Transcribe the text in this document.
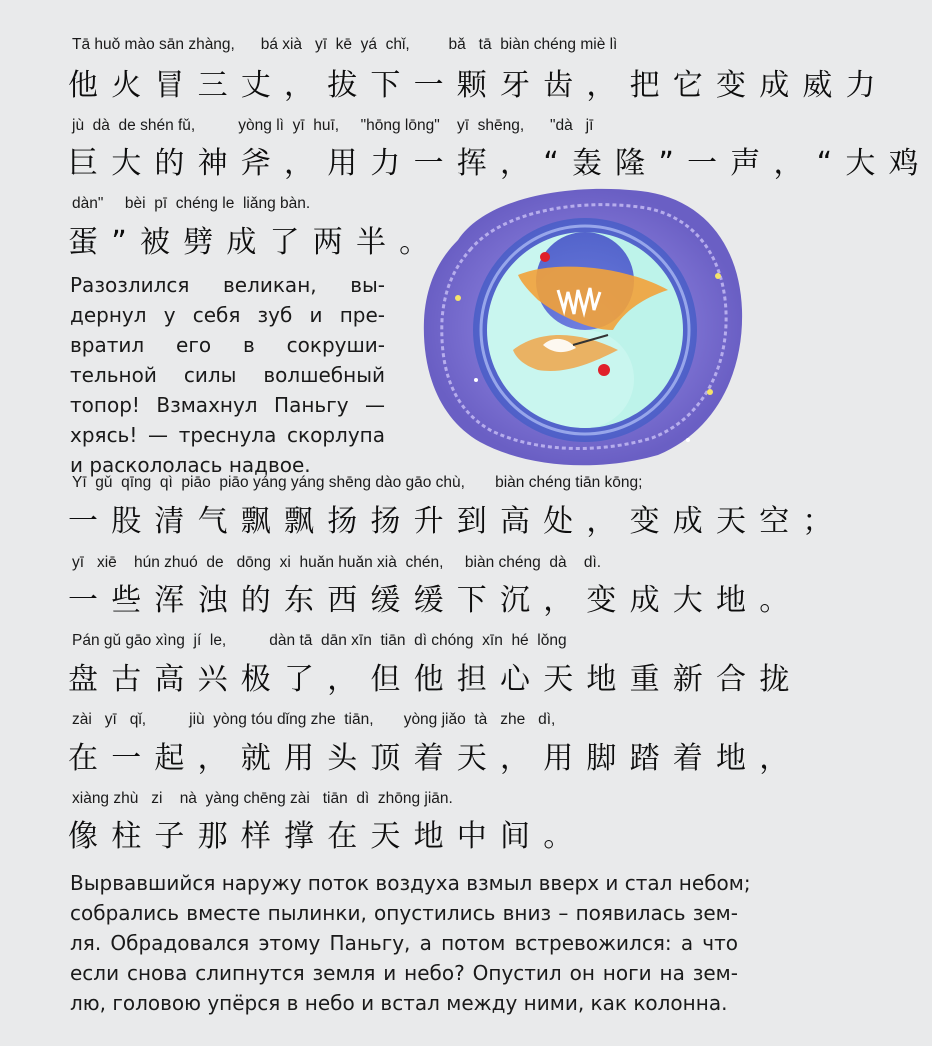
Tā huǒ mào sān zhàng,      bá xià   yī  kē  yá  chǐ,         bǎ   tā  biàn chéng miè lì
他火冒三丈，拔下一颗牙齿，把它变成威力
jù  dà  de shén fǔ,          yòng lì  yī  huī,     "hōng lōng"    yī  shēng,      "dà   jī
巨大的神斧，用力一挥，“轰隆”一声，“大鸡
dàn"     bèi  pī  chéng le  liǎng bàn.
蛋”被劈成了两半。
Разозлился великан, вы-
дернул у себя зуб и пре-
вратил его в сокруши-
тельной силы волшебный
топор! Взмахнул Паньгу —
хрясь! — треснула скорлупа
и раскололась надвое.
Yī  gǔ  qīng  qì  piāo  piāo yáng yáng shēng dào gāo chù,       biàn chéng tiān kōng;
一股清气飘飘扬扬升到高处，变成天空；
yī   xiē    hún zhuó  de   dōng  xi  huǎn huǎn xià  chén,     biàn chéng  dà    dì.
一些浑浊的东西缓缓下沉，变成大地。
Pán gǔ gāo xìng  jí  le,          dàn tā  dān xīn  tiān  dì chóng  xīn  hé  lǒng
盘古高兴极了，但他担心天地重新合拢
zài   yī   qǐ,          jiù  yòng tóu dǐng zhe  tiān,       yòng jiǎo  tà   zhe   dì,
在一起，就用头顶着天，用脚踏着地，
xiàng zhù   zi    nà  yàng chēng zài   tiān  dì  zhōng jiān.
像柱子那样撑在天地中间。
Вырвавшийся наружу поток воздуха взмыл вверх и стал небом;
собрались вместе пылинки, опустились вниз – появилась зем-
ля. Обрадовался этому Паньгу, а потом встревожился: а что
если снова слипнутся земля и небо? Опустил он ноги на зем-
лю, головою упёрся в небо и встал между ними, как колонна.
